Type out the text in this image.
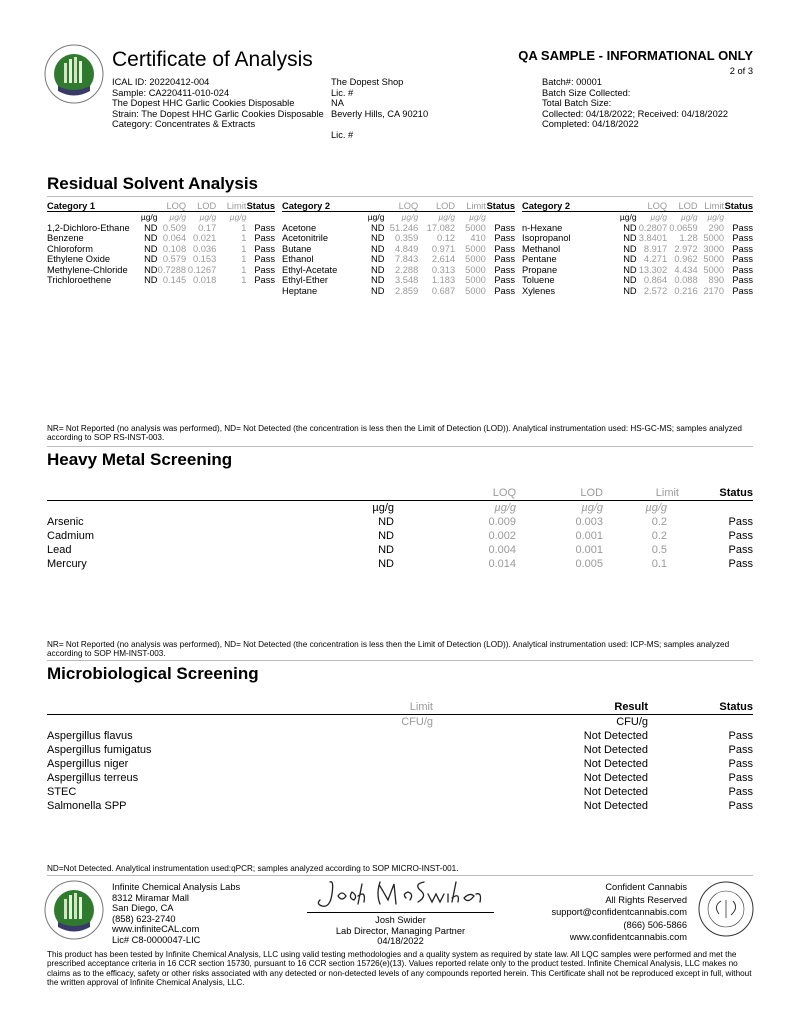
Certificate of Analysis	QA SAMPLE - INFORMATIONAL ONLY
2 of 3
ICAL ID: 20220412-004
Sample: CA220411-010-024
The Dopest HHC Garlic Cookies Disposable
Strain: The Dopest HHC Garlic Cookies Disposable
Category: Concentrates & Extracts
The Dopest Shop
Lic. #
NA
Beverly Hills, CA 90210
Lic. #
Batch#: 00001
Batch Size Collected:
Total Batch Size:
Collected: 04/18/2022; Received: 04/18/2022
Completed: 04/18/2022
Residual Solvent Analysis
Category 1		LOQ	LOD	Limit	Status
	µg/g	µg/g	µg/g	µg/g	
1,2-Dichloro-Ethane	ND	0.509	0.17	1	Pass
Benzene	ND	0.064	0.021	1	Pass
Chloroform	ND	0.108	0.036	1	Pass
Ethylene Oxide	ND	0.579	0.153	1	Pass
Methylene-Chloride	ND	0.7288	0.1267	1	Pass
Trichloroethene	ND	0.145	0.018	1	Pass
Category 2		LOQ	LOD	Limit	Status
	µg/g	µg/g	µg/g	µg/g	
Acetone	ND	51.246	17.082	5000	Pass
Acetonitrile	ND	0.359	0.12	410	Pass
Butane	ND	4.849	0.971	5000	Pass
Ethanol	ND	7.843	2.614	5000	Pass
Ethyl-Acetate	ND	2.288	0.313	5000	Pass
Ethyl-Ether	ND	3.548	1.183	5000	Pass
Heptane	ND	2.859	0.687	5000	Pass
Category 2		LOQ	LOD	Limit	Status
	µg/g	µg/g	µg/g	µg/g	
n-Hexane	ND	0.2807	0.0659	290	Pass
Isopropanol	ND	3.8401	1.28	5000	Pass
Methanol	ND	8.917	2.972	3000	Pass
Pentane	ND	4.271	0.962	5000	Pass
Propane	ND	13.302	4.434	5000	Pass
Toluene	ND	0.864	0.088	890	Pass
Xylenes	ND	2.572	0.216	2170	Pass
NR= Not Reported (no analysis was performed), ND= Not Detected (the concentration is less then the Limit of Detection (LOD)). Analytical instrumentation used: HS-GC-MS; samples analyzed according to SOP RS-INST-003.
Heavy Metal Screening
		LOQ	LOD	Limit	Status
	µg/g	µg/g	µg/g	µg/g	
Arsenic	ND	0.009	0.003	0.2	Pass
Cadmium	ND	0.002	0.001	0.2	Pass
Lead	ND	0.004	0.001	0.5	Pass
Mercury	ND	0.014	0.005	0.1	Pass
NR= Not Reported (no analysis was performed), ND= Not Detected (the concentration is less then the Limit of Detection (LOD)). Analytical instrumentation used: ICP-MS; samples analyzed according to SOP HM-INST-003.
Microbiological Screening
	Limit	Result	Status
	CFU/g	CFU/g	
Aspergillus flavus		Not Detected	Pass
Aspergillus fumigatus		Not Detected	Pass
Aspergillus niger		Not Detected	Pass
Aspergillus terreus		Not Detected	Pass
STEC		Not Detected	Pass
Salmonella SPP		Not Detected	Pass
ND=Not Detected. Analytical instrumentation used:qPCR; samples analyzed according to SOP MICRO-INST-001.
Infinite Chemical Analysis Labs
8312 Miramar Mall
San Diego, CA
(858) 623-2740
www.infiniteCAL.com
Lic# C8-0000047-LIC
Josh Swider
Lab Director, Managing Partner
04/18/2022
Confident Cannabis
All Rights Reserved
support@confidentcannabis.com
(866) 506-5866
www.confidentcannabis.com
This product has been tested by Infinite Chemical Analysis, LLC using valid testing methodologies and a quality system as required by state law. All LQC samples were performed and met the prescribed acceptance criteria in 16 CCR section 15730, pursuant to 16 CCR section 15726(e)(13). Values reported relate only to the product tested. Infinite Chemical Analysis, LLC makes no claims as to the efficacy, safety or other risks associated with any detected or non-detected levels of any compounds reported herein. This Certificate shall not be reproduced except in full, without the written approval of Infinite Chemical Analysis, LLC.
